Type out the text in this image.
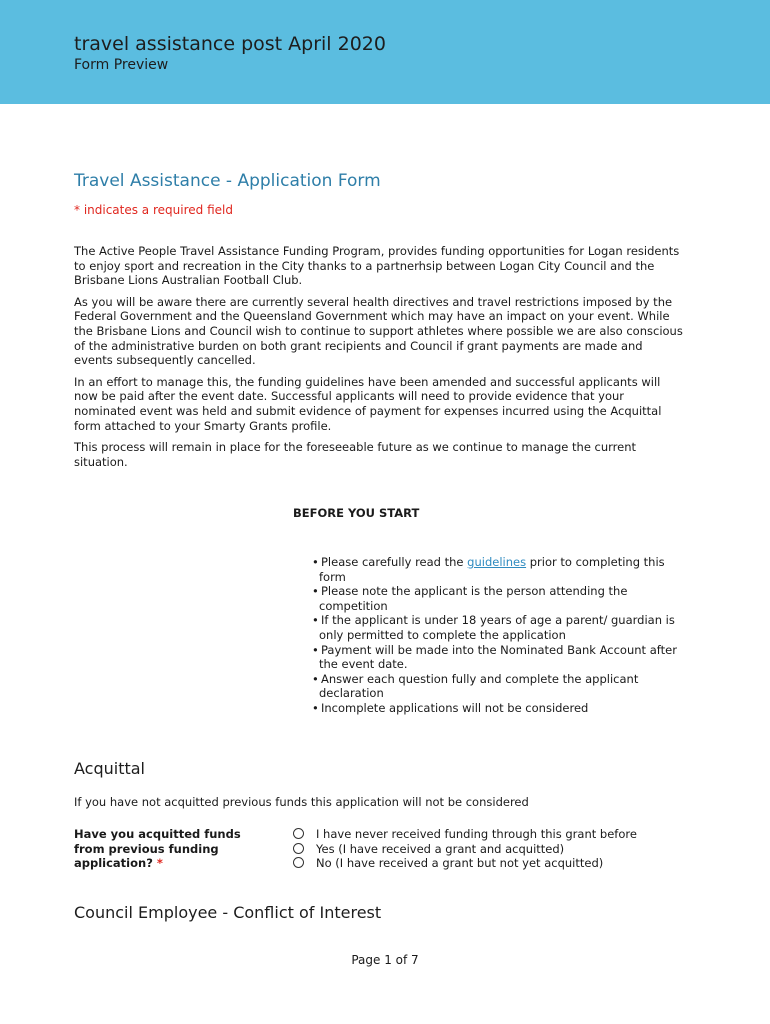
travel assistance post April 2020
Form Preview
Travel Assistance - Application Form
* indicates a required field

The Active People Travel Assistance Funding Program, provides funding opportunities for Logan residents to enjoy sport and recreation in the City thanks to a partnerhsip between Logan City Council and the Brisbane Lions Australian Football Club.

As you will be aware there are currently several health directives and travel restrictions imposed by the Federal Government and the Queensland Government which may have an impact on your event. While the Brisbane Lions and Council wish to continue to support athletes where possible we are also conscious of the administrative burden on both grant recipients and Council if grant payments are made and events subsequently cancelled.

In an effort to manage this, the funding guidelines have been amended and successful applicants will now be paid after the event date. Successful applicants will need to provide evidence that your nominated event was held and submit evidence of payment for expenses incurred using the Acquittal form attached to your Smarty Grants profile.

This process will remain in place for the foreseeable future as we continue to manage the current situation.

BEFORE YOU START
• Please carefully read the guidelines prior to completing this form
• Please note the applicant is the person attending the competition
• If the applicant is under 18 years of age a parent/ guardian is only permitted to complete the application
• Payment will be made into the Nominated Bank Account after the event date.
• Answer each question fully and complete the applicant declaration
• Incomplete applications will not be considered
Acquittal
If you have not acquitted previous funds this application will not be considered
Have you acquitted funds from previous funding application? *
I have never received funding through this grant before
Yes (I have received a grant and acquitted)
No (I have received a grant but not yet acquitted)
Council Employee - Conflict of Interest
Page 1 of 7
